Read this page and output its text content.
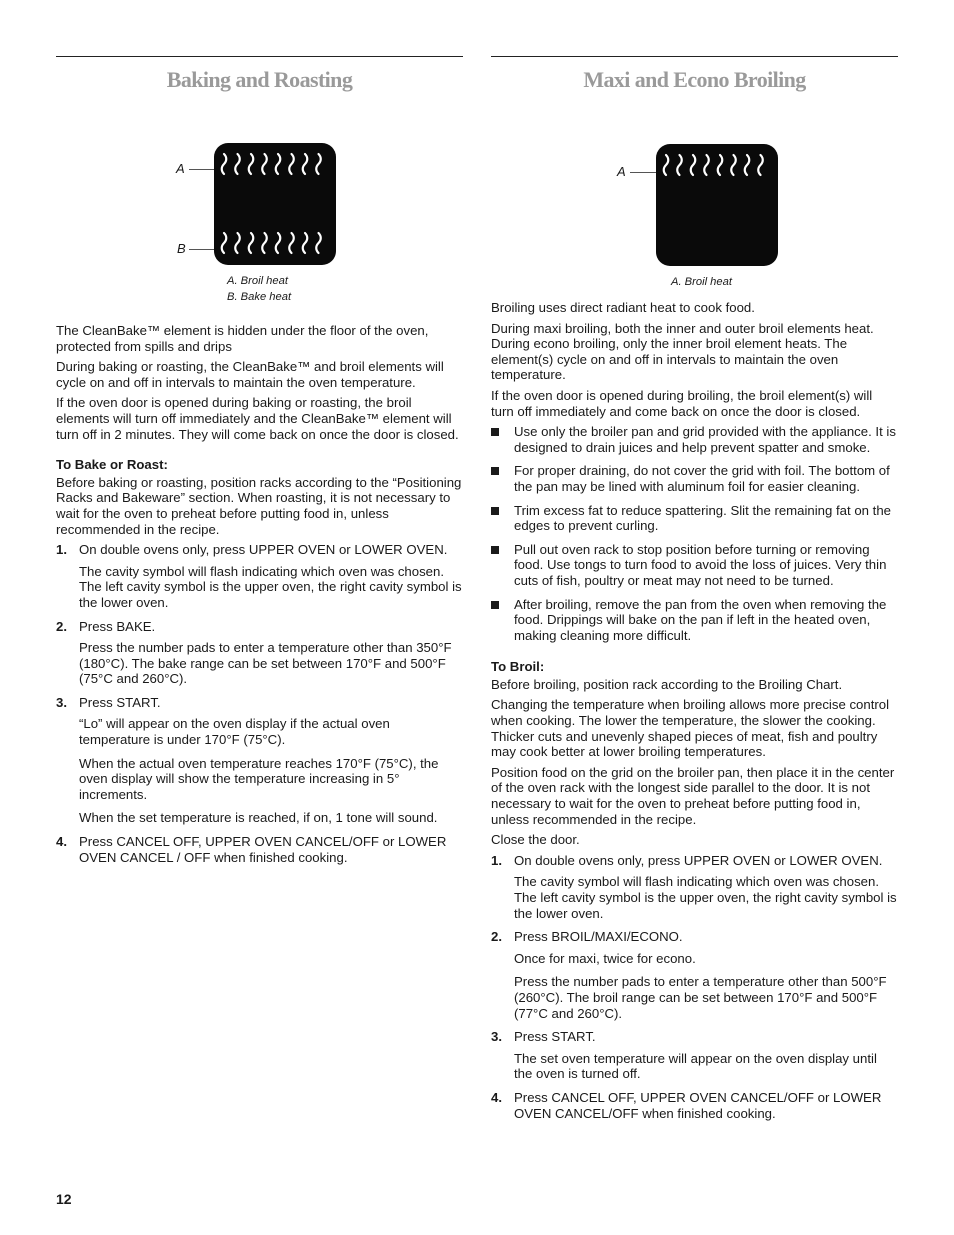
Baking and Roasting
A
B
A. Broil heat
B. Bake heat

The CleanBake™ element is hidden under the floor of the oven, protected from spills and drips

During baking or roasting, the CleanBake™ and broil elements will cycle on and off in intervals to maintain the oven temperature.

If the oven door is opened during baking or roasting, the broil elements will turn off immediately and the CleanBake™ element will turn off in 2 minutes. They will come back on once the door is closed.

To Bake or Roast:

Before baking or roasting, position racks according to the “Positioning Racks and Bakeware” section. When roasting, it is not necessary to wait for the oven to preheat before putting food in, unless recommended in the recipe.

1. On double ovens only, press UPPER OVEN or LOWER OVEN.

The cavity symbol will flash indicating which oven was chosen. The left cavity symbol is the upper oven, the right cavity symbol is the lower oven.

2. Press BAKE.

Press the number pads to enter a temperature other than 350°F (180°C). The bake range can be set between 170°F and 500°F (75°C and 260°C).

3. Press START.

“Lo” will appear on the oven display if the actual oven temperature is under 170°F (75°C).

When the actual oven temperature reaches 170°F (75°C), the oven display will show the temperature increasing in 5° increments.

When the set temperature is reached, if on, 1 tone will sound.

4. Press CANCEL OFF, UPPER OVEN CANCEL/OFF or LOWER OVEN CANCEL / OFF when finished cooking.

Maxi and Econo Broiling
A
A. Broil heat

Broiling uses direct radiant heat to cook food.

During maxi broiling, both the inner and outer broil elements heat. During econo broiling, only the inner broil element heats. The element(s) cycle on and off in intervals to maintain the oven temperature.

If the oven door is opened during broiling, the broil element(s) will turn off immediately and come back on once the door is closed.

Use only the broiler pan and grid provided with the appliance. It is designed to drain juices and help prevent spatter and smoke.
For proper draining, do not cover the grid with foil. The bottom of the pan may be lined with aluminum foil for easier cleaning.
Trim excess fat to reduce spattering. Slit the remaining fat on the edges to prevent curling.
Pull out oven rack to stop position before turning or removing food. Use tongs to turn food to avoid the loss of juices. Very thin cuts of fish, poultry or meat may not need to be turned.
After broiling, remove the pan from the oven when removing the food. Drippings will bake on the pan if left in the heated oven, making cleaning more difficult.

To Broil:

Before broiling, position rack according to the Broiling Chart.

Changing the temperature when broiling allows more precise control when cooking. The lower the temperature, the slower the cooking. Thicker cuts and unevenly shaped pieces of meat, fish and poultry may cook better at lower broiling temperatures.

Position food on the grid on the broiler pan, then place it in the center of the oven rack with the longest side parallel to the door. It is not necessary to wait for the oven to preheat before putting food in, unless recommended in the recipe.

Close the door.

1. On double ovens only, press UPPER OVEN or LOWER OVEN.

The cavity symbol will flash indicating which oven was chosen. The left cavity symbol is the upper oven, the right cavity symbol is the lower oven.

2. Press BROIL/MAXI/ECONO.

Once for maxi, twice for econo.

Press the number pads to enter a temperature other than 500°F (260°C). The broil range can be set between 170°F and 500°F (77°C and 260°C).

3. Press START.

The set oven temperature will appear on the oven display until the oven is turned off.

4. Press CANCEL OFF, UPPER OVEN CANCEL/OFF or LOWER OVEN CANCEL/OFF when finished cooking.

12
